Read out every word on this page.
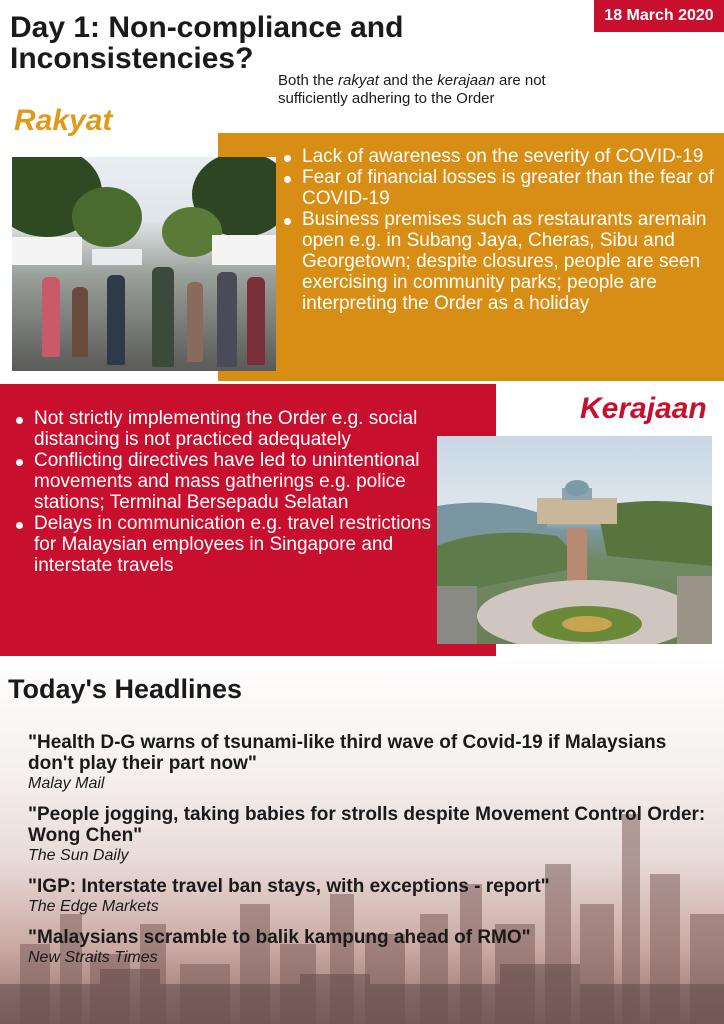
18 March 2020
Day 1: Non-compliance and Inconsistencies?
Both the rakyat and the kerajaan are not sufficiently adhering to the Order
Rakyat
Lack of awareness on the severity of COVID-19
Fear of financial losses is greater than the fear of COVID-19
Business premises such as restaurants aremain open e.g. in Subang Jaya, Cheras, Sibu and Georgetown; despite closures, people are seen exercising in community parks; people are interpreting the Order as a holiday
Kerajaan
Not strictly implementing the Order e.g. social distancing is not practiced adequately
Conflicting directives have led to unintentional movements and mass gatherings e.g. police stations; Terminal Bersepadu Selatan
Delays in communication e.g. travel restrictions for Malaysian employees in Singapore and interstate travels
Today's Headlines
"Health D-G warns of tsunami-like third wave of Covid-19 if Malaysians don't play their part now"
Malay Mail
"People jogging, taking babies for strolls despite Movement Control Order: Wong Chen"
The Sun Daily
"IGP: Interstate travel ban stays, with exceptions - report"
The Edge Markets
"Malaysians scramble to balik kampung ahead of RMO"
New Straits Times
